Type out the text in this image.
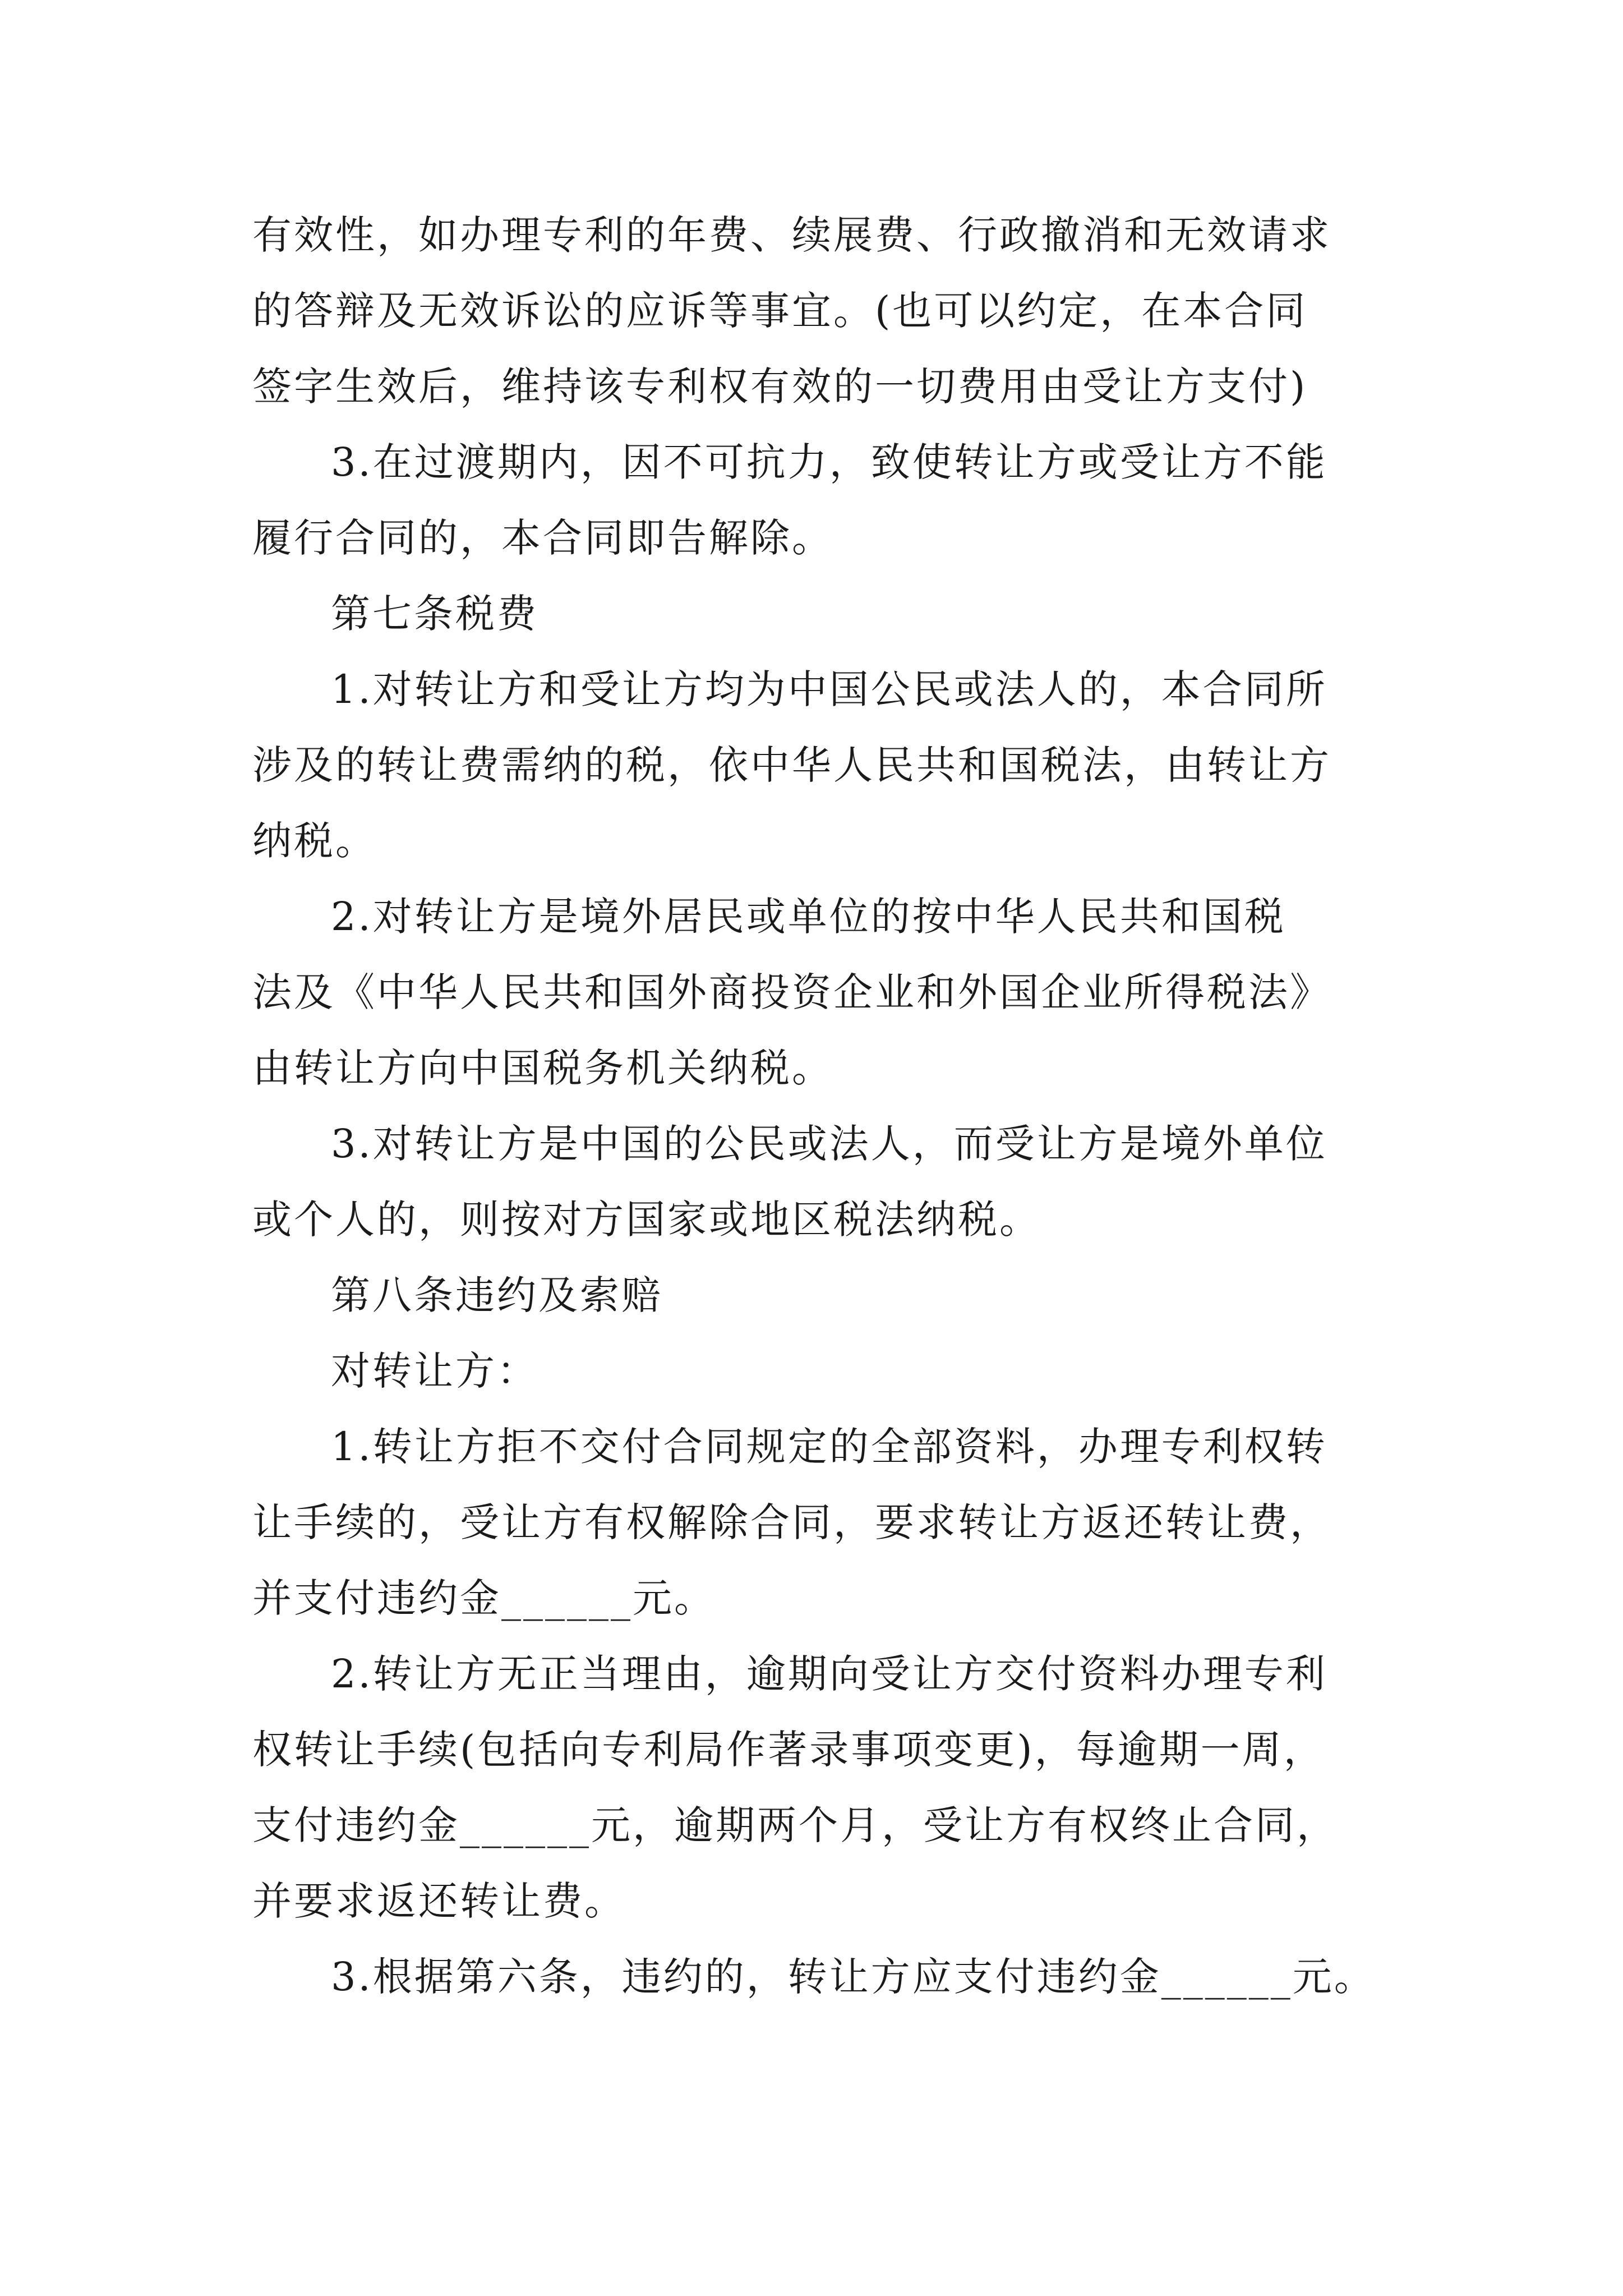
有效性，如办理专利的年费、续展费、行政撤消和无效请求
的答辩及无效诉讼的应诉等事宜。(也可以约定，在本合同
签字生效后，维持该专利权有效的一切费用由受让方支付)
3.在过渡期内，因不可抗力，致使转让方或受让方不能
履行合同的，本合同即告解除。
第七条税费
1.对转让方和受让方均为中国公民或法人的，本合同所
涉及的转让费需纳的税，依中华人民共和国税法，由转让方
纳税。
2.对转让方是境外居民或单位的按中华人民共和国税
法及《中华人民共和国外商投资企业和外国企业所得税法》
由转让方向中国税务机关纳税。
3.对转让方是中国的公民或法人，而受让方是境外单位
或个人的，则按对方国家或地区税法纳税。
第八条违约及索赔
对转让方：
1.转让方拒不交付合同规定的全部资料，办理专利权转
让手续的，受让方有权解除合同，要求转让方返还转让费，
并支付违约金______元。
2.转让方无正当理由，逾期向受让方交付资料办理专利
权转让手续(包括向专利局作著录事项变更)，每逾期一周，
支付违约金______元，逾期两个月，受让方有权终止合同，
并要求返还转让费。
3.根据第六条，违约的，转让方应支付违约金______元。
